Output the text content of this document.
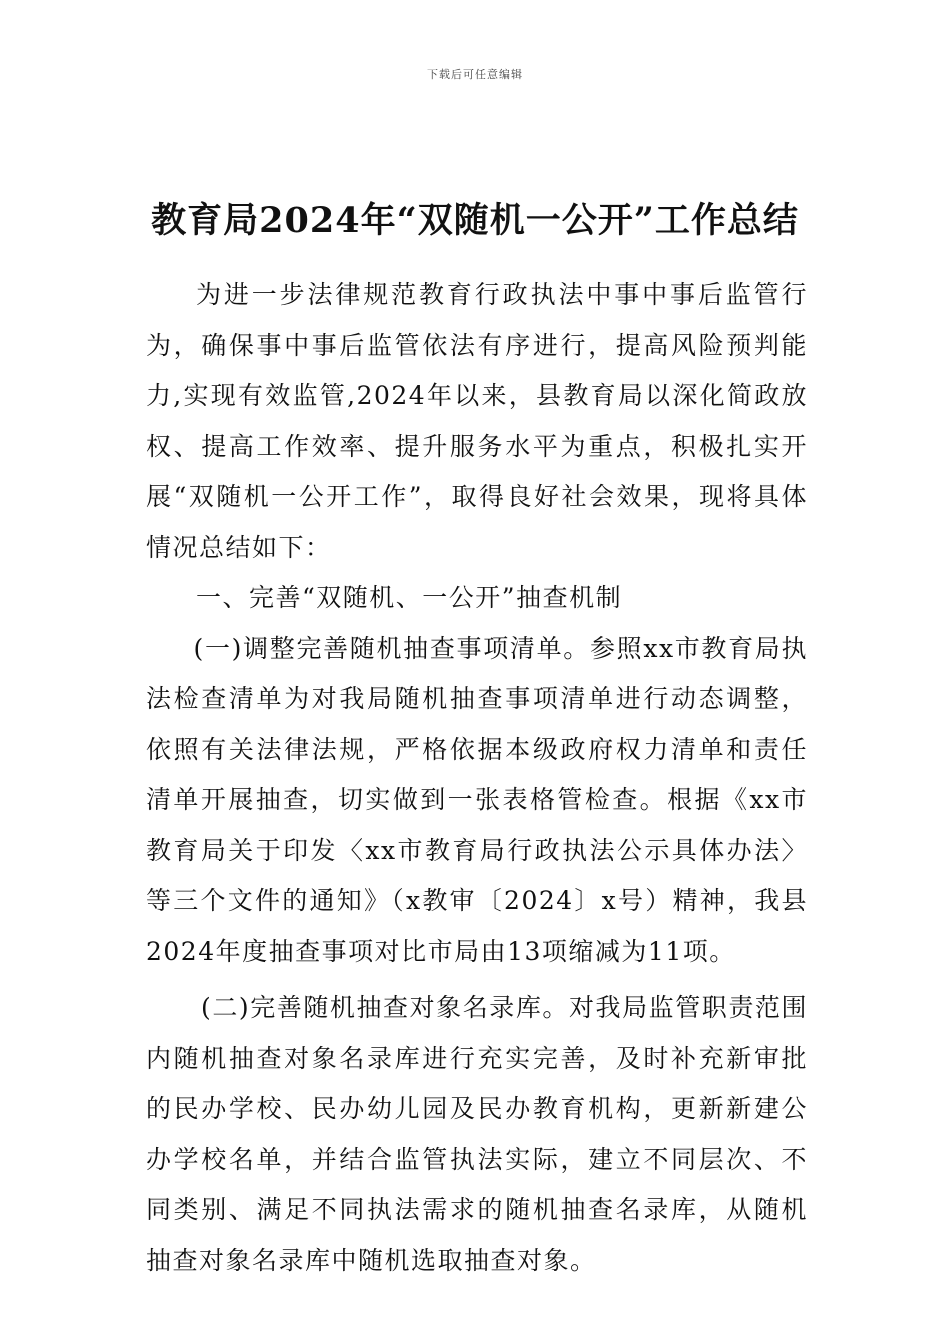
下载后可任意编辑
教育局2024年“双随机一公开”工作总结

为进一步法律规范教育行政执法中事中事后监管行为，确保事中事后监管依法有序进行，提高风险预判能力,实现有效监管,2024年以来，县教育局以深化简政放权、提高工作效率、提升服务水平为重点，积极扎实开展“双随机一公开工作”，取得良好社会效果，现将具体情况总结如下：

一、完善“双随机、一公开”抽查机制

(一)调整完善随机抽查事项清单。参照xx市教育局执法检查清单为对我局随机抽查事项清单进行动态调整，依照有关法律法规，严格依据本级政府权力清单和责任清单开展抽查，切实做到一张表格管检查。根据《xx市教育局关于印发〈xx市教育局行政执法公示具体办法〉等三个文件的通知》（x教审〔2024〕x号）精神，我县2024年度抽查事项对比市局由13项缩减为11项。

(二)完善随机抽查对象名录库。对我局监管职责范围内随机抽查对象名录库进行充实完善，及时补充新审批的民办学校、民办幼儿园及民办教育机构，更新新建公办学校名单，并结合监管执法实际，建立不同层次、不同类别、满足不同执法需求的随机抽查名录库，从随机抽查对象名录库中随机选取抽查对象。
